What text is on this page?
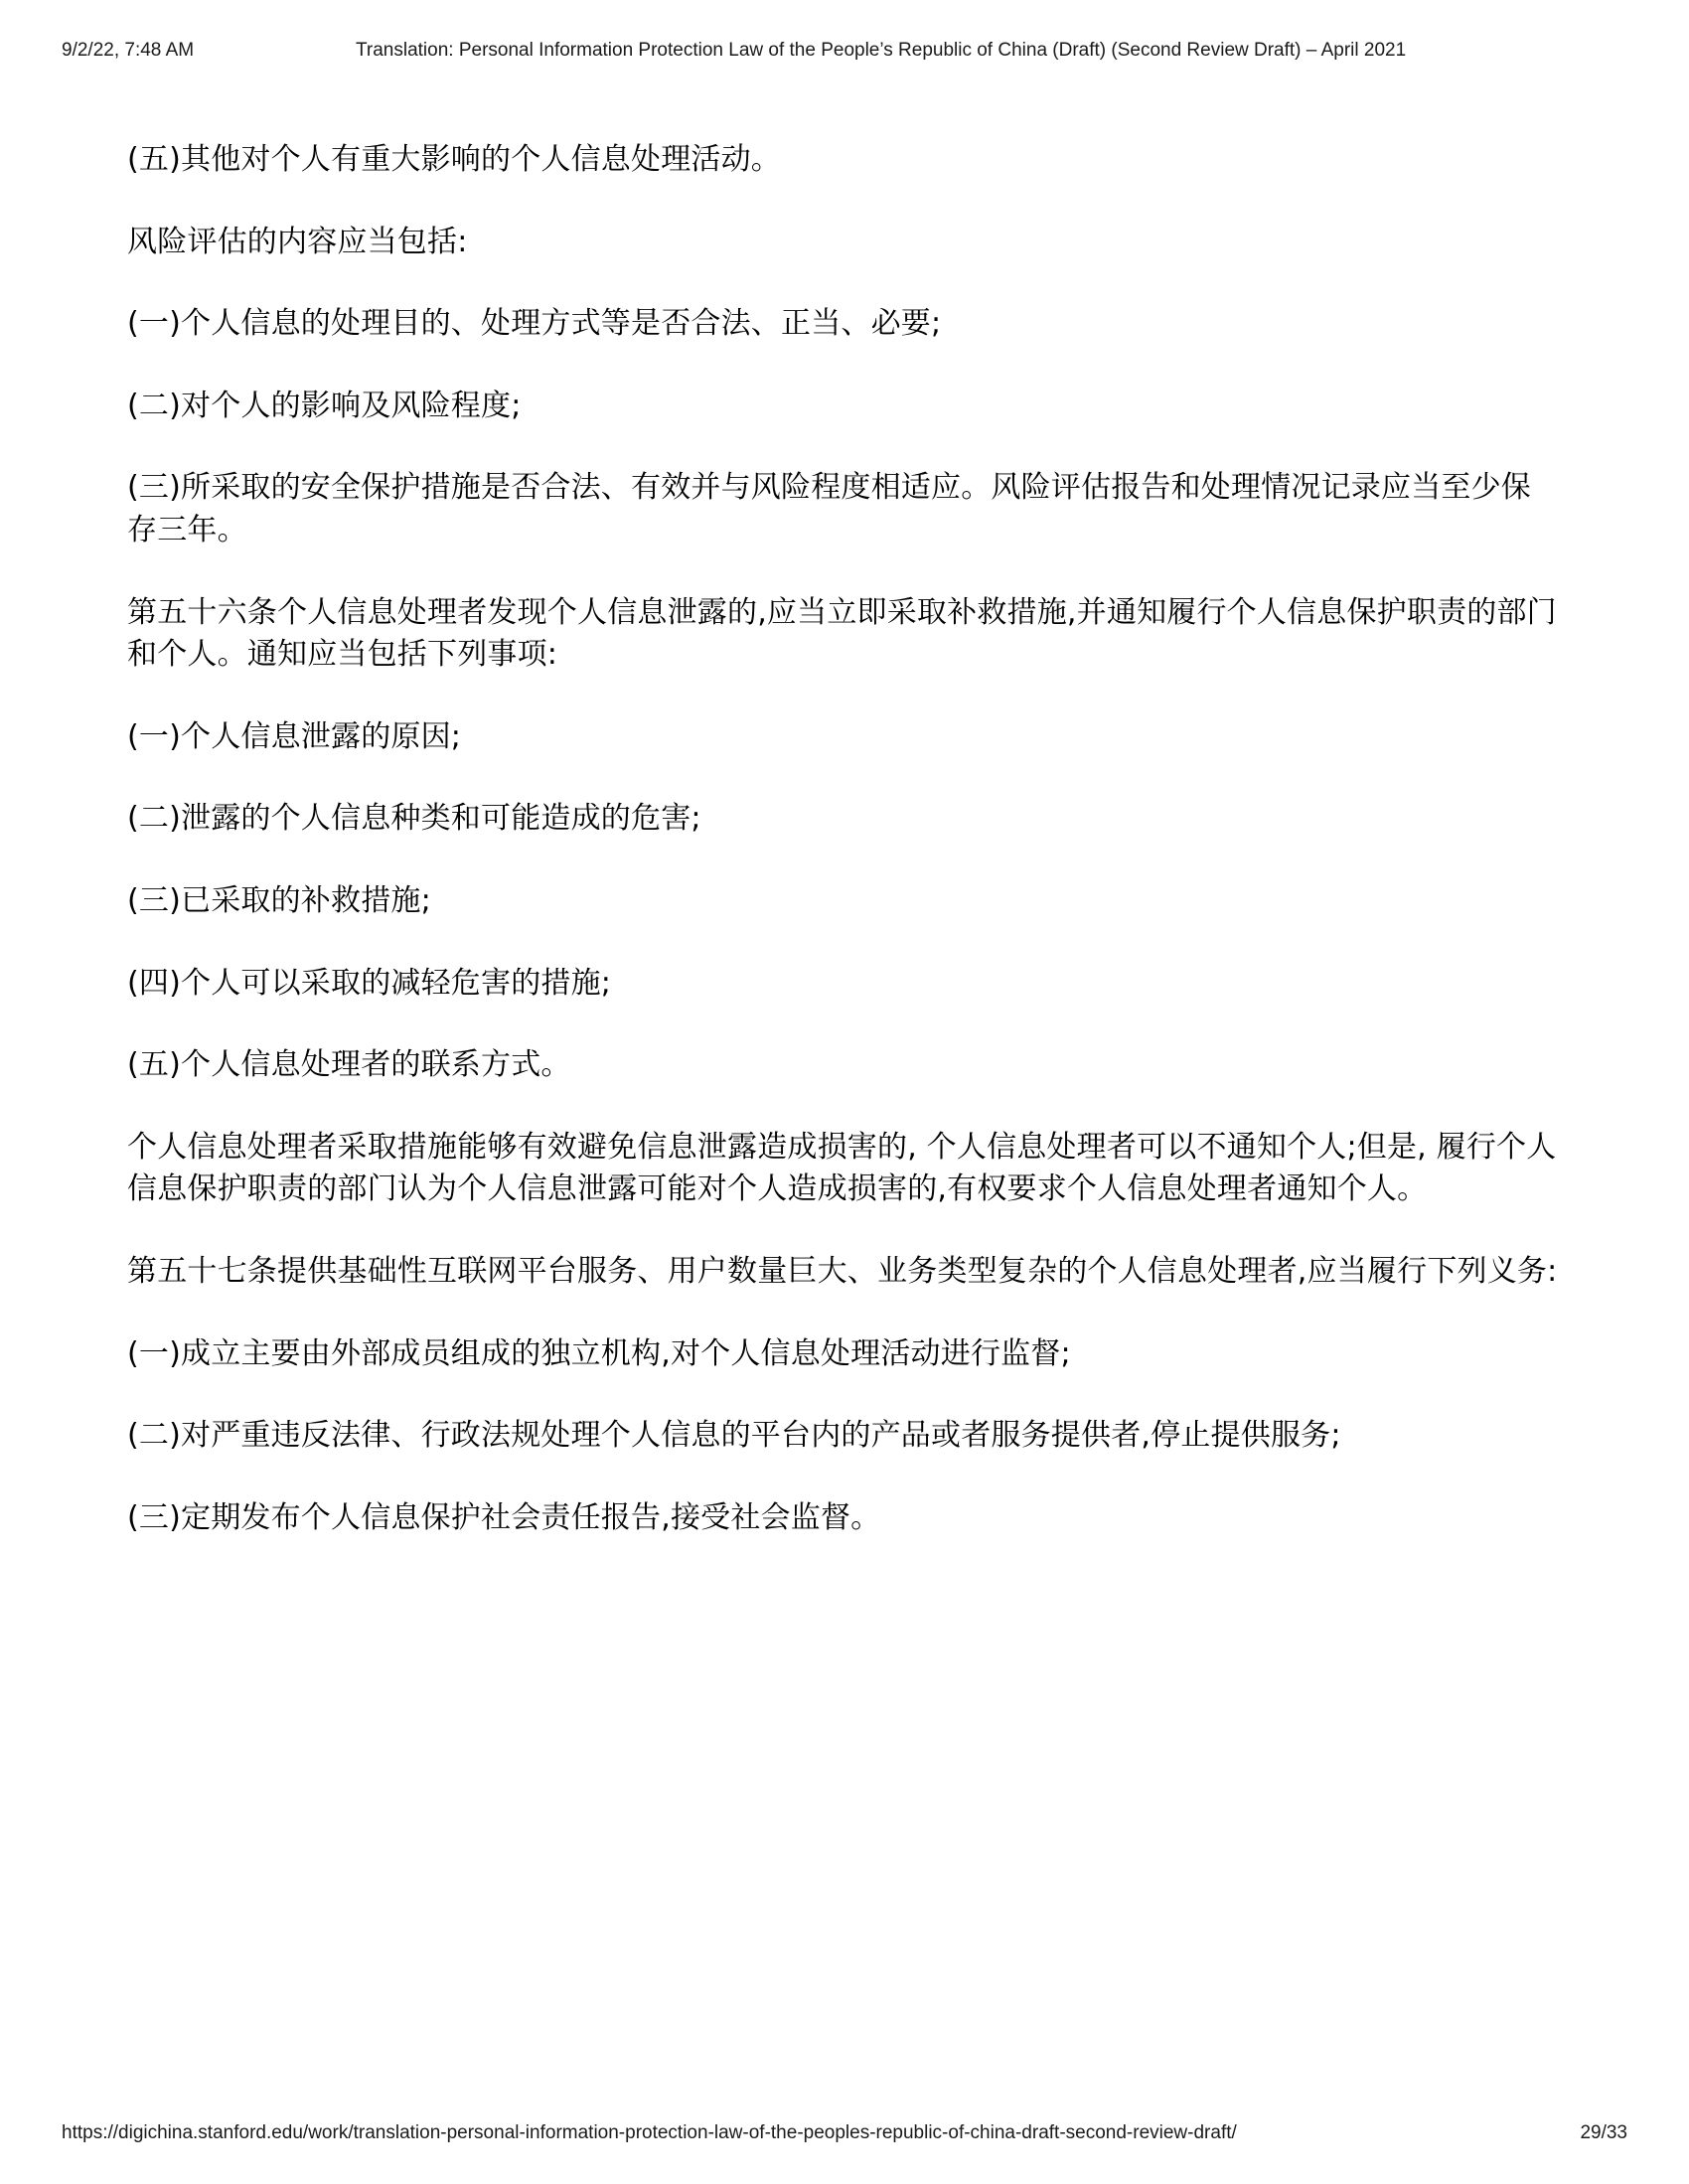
9/2/22, 7:48 AM	Translation: Personal Information Protection Law of the People’s Republic of China (Draft) (Second Review Draft) – April 2021

(五)其他对个人有重大影响的个人信息处理活动。

风险评估的内容应当包括:

(一)个人信息的处理目的、处理方式等是否合法、正当、必要;

(二)对个人的影响及风险程度;

(三)所采取的安全保护措施是否合法、有效并与风险程度相适应。风险评估报告和处理情况记录应当至少保存三年。

第五十六条个人信息处理者发现个人信息泄露的,应当立即采取补救措施,并通知履行个人信息保护职责的部门和个人。通知应当包括下列事项:

(一)个人信息泄露的原因;

(二)泄露的个人信息种类和可能造成的危害;

(三)已采取的补救措施;

(四)个人可以采取的减轻危害的措施;

(五)个人信息处理者的联系方式。

个人信息处理者采取措施能够有效避免信息泄露造成损害的, 个人信息处理者可以不通知个人;但是, 履行个人信息保护职责的部门认为个人信息泄露可能对个人造成损害的,有权要求个人信息处理者通知个人。

第五十七条提供基础性互联网平台服务、用户数量巨大、业务类型复杂的个人信息处理者,应当履行下列义务:

(一)成立主要由外部成员组成的独立机构,对个人信息处理活动进行监督;

(二)对严重违反法律、行政法规处理个人信息的平台内的产品或者服务提供者,停止提供服务;

(三)定期发布个人信息保护社会责任报告,接受社会监督。

https://digichina.stanford.edu/work/translation-personal-information-protection-law-of-the-peoples-republic-of-china-draft-second-review-draft/	29/33
